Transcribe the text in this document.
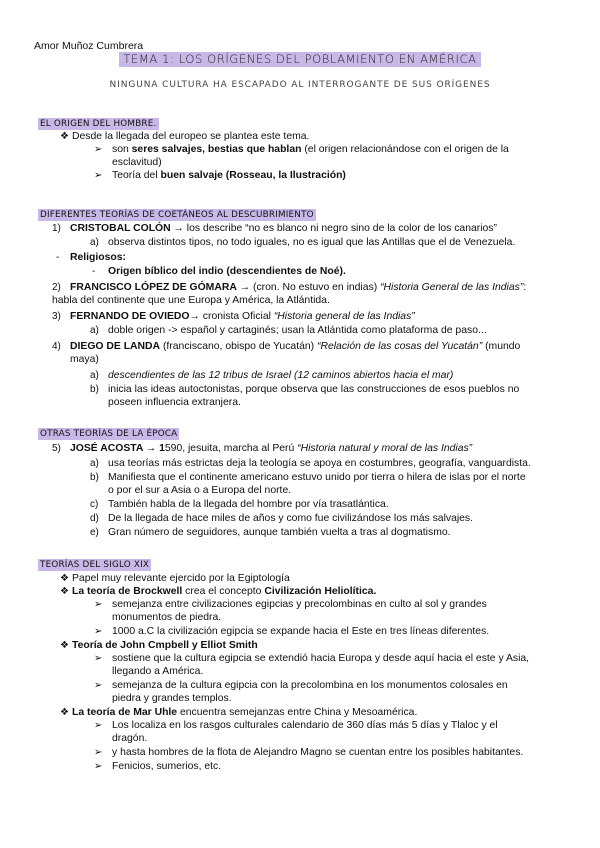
Amor Muñoz Cumbrera
TEMA 1: LOS ORÍGENES DEL POBLAMIENTO EN AMÉRICA
NINGUNA CULTURA HA ESCAPADO AL INTERROGANTE DE SUS ORÍGENES
EL ORIGEN DEL HOMBRE.
❖ Desde la llegada del europeo se plantea este tema.
➢ son seres salvajes, bestias que hablan (el origen relacionándose con el origen de la
esclavitud)
➢ Teoría del buen salvaje (Rosseau, la Ilustración)
DIFERENTES TEORÍAS DE COETÁNEOS AL DESCUBRIMIENTO
1) CRISTOBAL COLÓN → los describe “no es blanco ni negro sino de la color de los canarios”
a) observa distintos tipos, no todo iguales, no es igual que las Antillas que el de Venezuela.
- Religiosos:
- Origen bíblico del indio (descendientes de Noé).
2) FRANCISCO LÓPEZ DE GÓMARA → (cron. No estuvo en indias) “Historia General de las Indias”:
habla del continente que une Europa y América, la Atlántida.
3) FERNANDO DE OVIEDO→ cronista Oficial “Historia general de las Indias”
a) doble origen -> español y cartaginés; usan la Atlántida como plataforma de paso...
4) DIEGO DE LANDA (franciscano, obispo de Yucatán) “Relación de las cosas del Yucatán” (mundo
maya)
a) descendientes de las 12 tribus de Israel (12 caminos abiertos hacia el mar)
b) inicia las ideas autoctonistas, porque observa que las construcciones de esos pueblos no
poseen influencia extranjera.
OTRAS TEORÍAS DE LA ÉPOCA
5) JOSÉ ACOSTA → 1590, jesuita, marcha al Perú “Historia natural y moral de las Indias”
a) usa teorías más estrictas deja la teología se apoya en costumbres, geografía, vanguardista.
b) Manifiesta que el continente americano estuvo unido por tierra o hilera de islas por el norte
o por el sur a Asia o a Europa del norte.
c) También habla de la llegada del hombre por vía trasatlántica.
d) De la llegada de hace miles de años y como fue civilizándose los más salvajes.
e) Gran número de seguidores, aunque también vuelta a tras al dogmatismo.
TEORÍAS DEL SIGLO XIX
❖ Papel muy relevante ejercido por la Egiptología
❖ La teoría de Brockwell crea el concepto Civilización Heliolítica.
➢ semejanza entre civilizaciones egipcias y precolombinas en culto al sol y grandes
monumentos de piedra.
➢ 1000 a.C la civilización egipcia se expande hacia el Este en tres líneas diferentes.
❖ Teoría de John Cmpbell y Elliot Smith
➢ sostiene que la cultura egipcia se extendió hacia Europa y desde aquí hacia el este y Asia,
llegando a América.
➢ semejanza de la cultura egipcia con la precolombina en los monumentos colosales en
piedra y grandes templos.
❖ La teoría de Mar Uhle encuentra semejanzas entre China y Mesoamérica.
➢ Los localiza en los rasgos culturales calendario de 360 días más 5 días y Tlaloc y el
dragón.
➢ y hasta hombres de la flota de Alejandro Magno se cuentan entre los posibles habitantes.
➢ Fenicios, sumerios, etc.
